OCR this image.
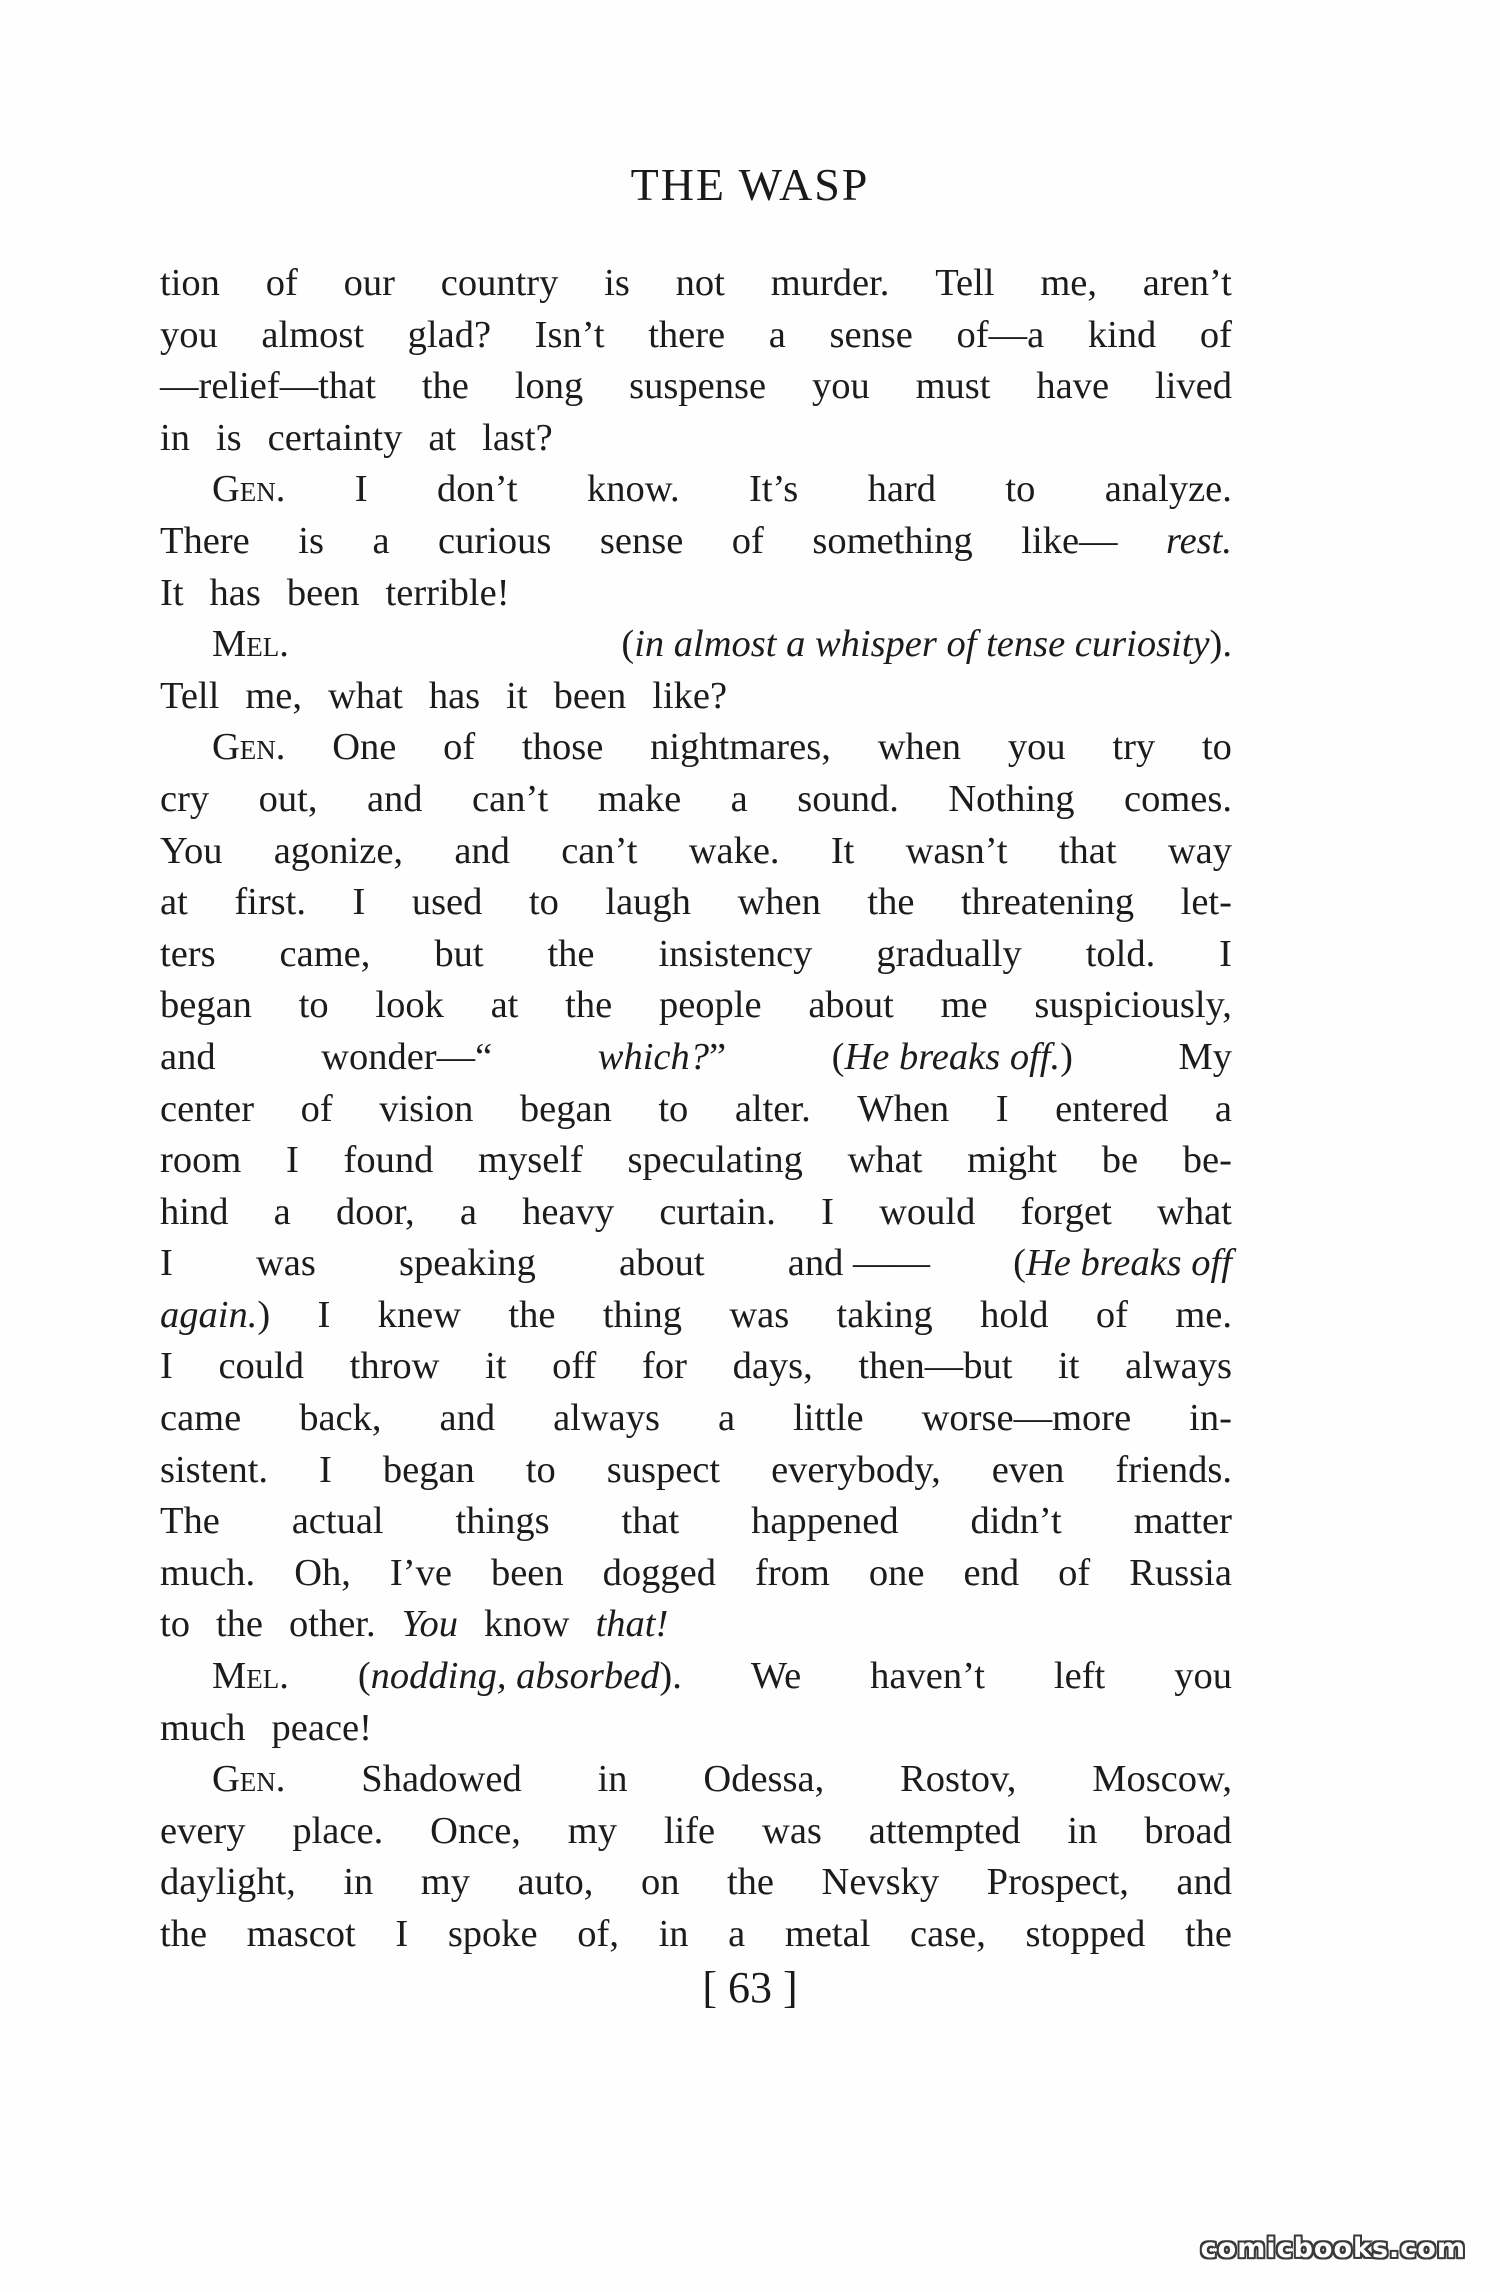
THE WASP
tion of our country is not murder. Tell me, aren’t
you almost glad? Isn’t there a sense of—a kind of
—relief—that the long suspense you must have lived
in is certainty at last?
Gen. I don’t know. It’s hard to analyze.
There is a curious sense of something like— rest.
It has been terrible!
Mel.	(in almost a whisper of tense curiosity).
Tell me, what has it been like?
Gen. One of those nightmares, when you try to
cry out, and can’t make a sound. Nothing comes.
You agonize, and can’t wake. It wasn’t that way
at first. I used to laugh when the threatening let-
ters came, but the insistency gradually told. I
began to look at the people about me suspiciously,
and	wonder—“	which?”	(He breaks off.)	My
center of vision began to alter. When I entered a
room I found myself speculating what might be be-
hind a door, a heavy curtain. I would forget what
I was speaking about and —— (He breaks off
again.) I knew the thing was taking hold of me.
I could throw it off for days, then—but it always
came back, and always a little worse—more in-
sistent. I began to suspect everybody, even friends.
The actual things that happened didn’t matter
much. Oh, I’ve been dogged from one end of Russia
to the other. You know that!
Mel. (nodding, absorbed). We haven’t left you
much peace!
Gen. Shadowed in Odessa, Rostov, Moscow,
every place. Once, my life was attempted in broad
daylight, in my auto, on the Nevsky Prospect, and
the mascot I spoke of, in a metal case, stopped the
[ 63 ]
comicbooks.com
